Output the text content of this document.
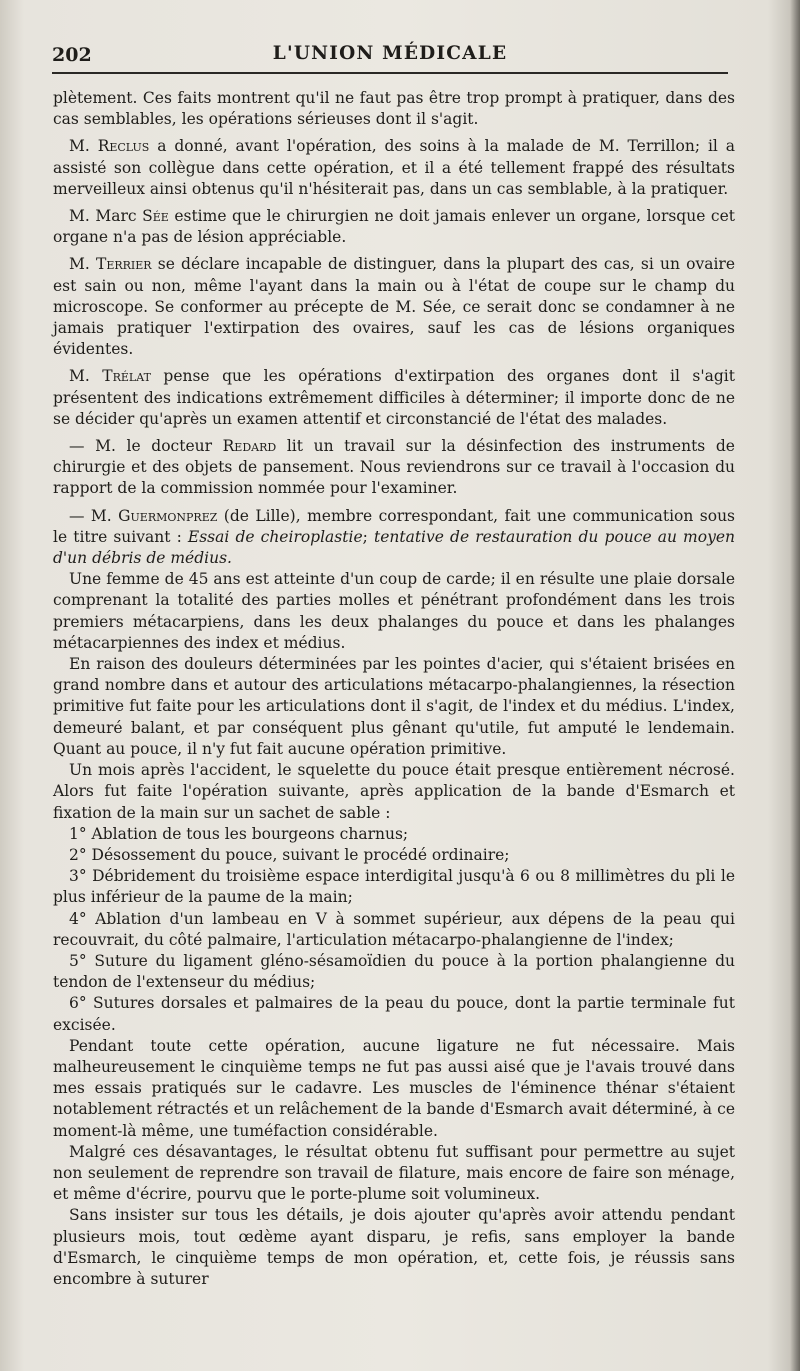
202	L'UNION MÉDICALE

plètement. Ces faits montrent qu'il ne faut pas être trop prompt à pratiquer, dans des cas semblables, les opérations sérieuses dont il s'agit.

M. Reclus a donné, avant l'opération, des soins à la malade de M. Terrillon; il a assisté son collègue dans cette opération, et il a été tellement frappé des résultats merveilleux ainsi obtenus qu'il n'hésiterait pas, dans un cas semblable, à la pratiquer.

M. Marc Sée estime que le chirurgien ne doit jamais enlever un organe, lorsque cet organe n'a pas de lésion appréciable.

M. Terrier se déclare incapable de distinguer, dans la plupart des cas, si un ovaire est sain ou non, même l'ayant dans la main ou à l'état de coupe sur le champ du microscope. Se conformer au précepte de M. Sée, ce serait donc se condamner à ne jamais pratiquer l'extirpation des ovaires, sauf les cas de lésions organiques évidentes.

M. Trélat pense que les opérations d'extirpation des organes dont il s'agit présentent des indications extrêmement difficiles à déterminer; il importe donc de ne se décider qu'après un examen attentif et circonstancié de l'état des malades.

— M. le docteur Redard lit un travail sur la désinfection des instruments de chirurgie et des objets de pansement. Nous reviendrons sur ce travail à l'occasion du rapport de la commission nommée pour l'examiner.

— M. Guermonprez (de Lille), membre correspondant, fait une communication sous le titre suivant : Essai de cheiroplastie; tentative de restauration du pouce au moyen d'un débris de médius.

Une femme de 45 ans est atteinte d'un coup de carde; il en résulte une plaie dorsale comprenant la totalité des parties molles et pénétrant profondément dans les trois premiers métacarpiens, dans les deux phalanges du pouce et dans les phalanges métacarpiennes des index et médius.

En raison des douleurs déterminées par les pointes d'acier, qui s'étaient brisées en grand nombre dans et autour des articulations métacarpo-phalangiennes, la résection primitive fut faite pour les articulations dont il s'agit, de l'index et du médius. L'index, demeuré balant, et par conséquent plus gênant qu'utile, fut amputé le lendemain. Quant au pouce, il n'y fut fait aucune opération primitive.

Un mois après l'accident, le squelette du pouce était presque entièrement nécrosé. Alors fut faite l'opération suivante, après application de la bande d'Esmarch et fixation de la main sur un sachet de sable :

1° Ablation de tous les bourgeons charnus;

2° Désossement du pouce, suivant le procédé ordinaire;

3° Débridement du troisième espace interdigital jusqu'à 6 ou 8 millimètres du pli le plus inférieur de la paume de la main;

4° Ablation d'un lambeau en V à sommet supérieur, aux dépens de la peau qui recouvrait, du côté palmaire, l'articulation métacarpo-phalangienne de l'index;

5° Suture du ligament gléno-sésamoïdien du pouce à la portion phalangienne du tendon de l'extenseur du médius;

6° Sutures dorsales et palmaires de la peau du pouce, dont la partie terminale fut excisée.

Pendant toute cette opération, aucune ligature ne fut nécessaire. Mais malheureusement le cinquième temps ne fut pas aussi aisé que je l'avais trouvé dans mes essais pratiqués sur le cadavre. Les muscles de l'éminence thénar s'étaient notablement rétractés et un relâchement de la bande d'Esmarch avait déterminé, à ce moment-là même, une tuméfaction considérable.

Malgré ces désavantages, le résultat obtenu fut suffisant pour permettre au sujet non seulement de reprendre son travail de filature, mais encore de faire son ménage, et même d'écrire, pourvu que le porte-plume soit volumineux.

Sans insister sur tous les détails, je dois ajouter qu'après avoir attendu pendant plusieurs mois, tout œdème ayant disparu, je refis, sans employer la bande d'Esmarch, le cinquième temps de mon opération, et, cette fois, je réussis sans encombre à suturer
